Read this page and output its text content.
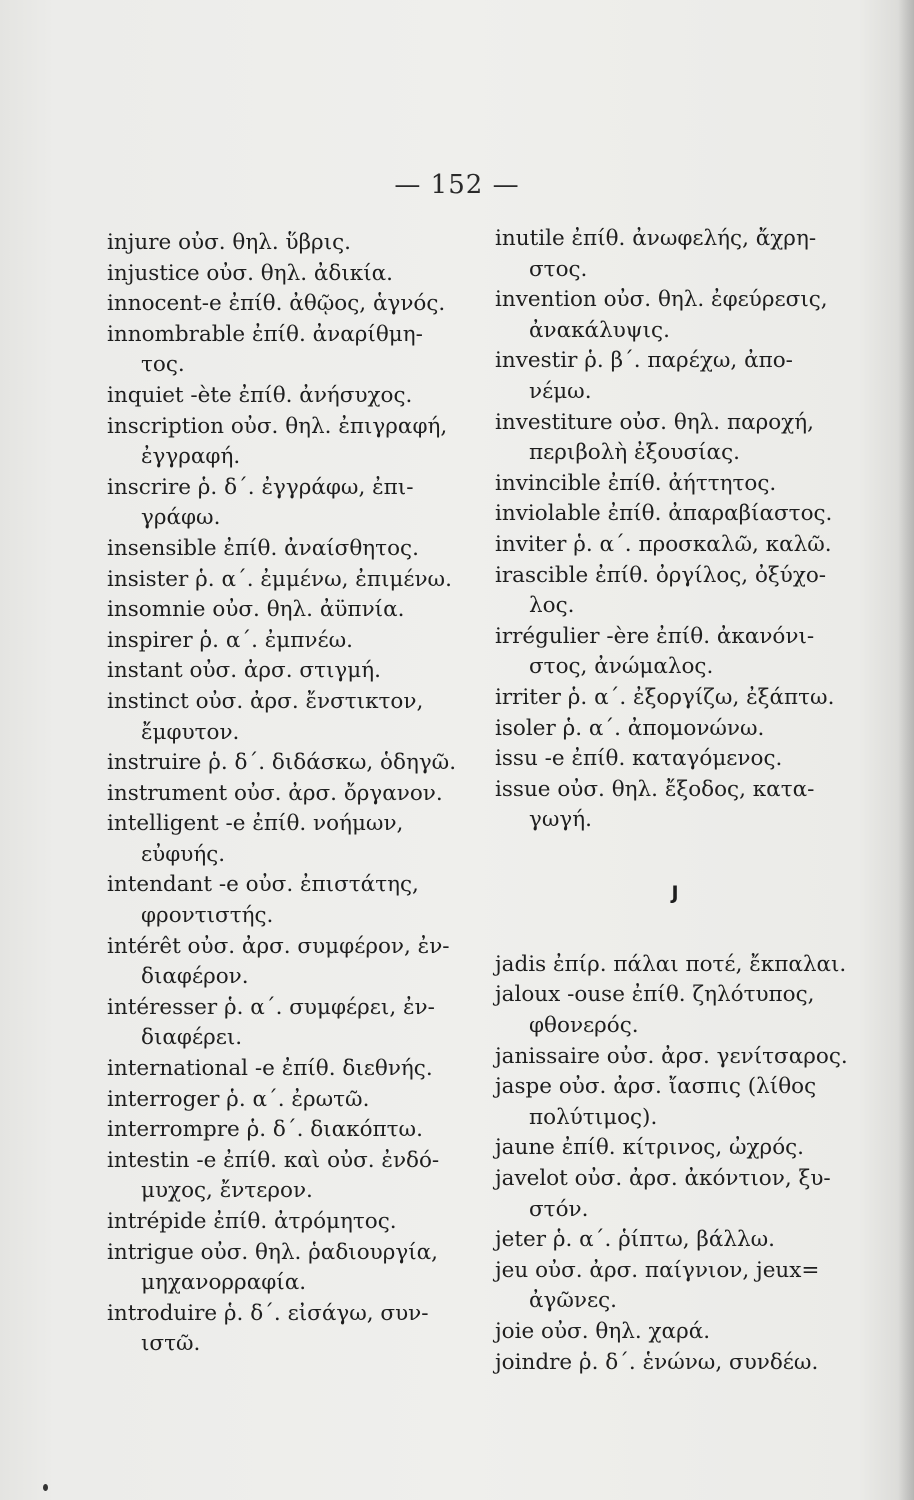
— 152 —
injure οὐσ. θηλ. ὕβρις.
injustice οὐσ. θηλ. ἀδικία.
innocent-e ἐπίθ. ἀθῷος, ἁγνός.
innombrable ἐπίθ. ἀναρίθμη-
τος.
inquiet -ète ἐπίθ. ἀνήσυχος.
inscription οὐσ. θηλ. ἐπιγραφή,
ἐγγραφή.
inscrire ῥ. δ΄. ἐγγράφω, ἐπι-
γράφω.
insensible ἐπίθ. ἀναίσθητος.
insister ῥ. α΄. ἐμμένω, ἐπιμένω.
insomnie οὐσ. θηλ. ἀϋπνία.
inspirer ῥ. α΄. ἐμπνέω.
instant οὐσ. ἀρσ. στιγμή.
instinct οὐσ. ἀρσ. ἔνστικτον,
ἔμφυτον.
instruire ῥ. δ΄. διδάσκω, ὁδηγῶ.
instrument οὐσ. ἀρσ. ὄργανον.
intelligent -e ἐπίθ. νοήμων,
εὐφυής.
intendant -e οὐσ. ἐπιστάτης,
φροντιστής.
intérêt οὐσ. ἀρσ. συμφέρον, ἐν-
διαφέρον.
intéresser ῥ. α΄. συμφέρει, ἐν-
διαφέρει.
international -e ἐπίθ. διεθνής.
interroger ῥ. α΄. ἐρωτῶ.
interrompre ῥ. δ΄. διακόπτω.
intestin -e ἐπίθ. καὶ οὐσ. ἐνδό-
μυχος, ἔντερον.
intrépide ἐπίθ. ἀτρόμητος.
intrigue οὐσ. θηλ. ῥαδιουργία,
μηχανορραφία.
introduire ῥ. δ΄. εἰσάγω, συν-
ιστῶ.
inutile ἐπίθ. ἀνωφελής, ἄχρη-
στος.
invention οὐσ. θηλ. ἐφεύρεσις,
ἀνακάλυψις.
investir ῥ. β΄. παρέχω, ἀπο-
νέμω.
investiture οὐσ. θηλ. παροχή,
περιβολὴ ἐξουσίας.
invincible ἐπίθ. ἀήττητος.
inviolable ἐπίθ. ἀπαραβίαστος.
inviter ῥ. α΄. προσκαλῶ, καλῶ.
irascible ἐπίθ. ὀργίλος, ὀξύχο-
λος.
irrégulier -ère ἐπίθ. ἀκανόνι-
στος, ἀνώμαλος.
irriter ῥ. α΄. ἐξοργίζω, ἐξάπτω.
isoler ῥ. α΄. ἀπομονώνω.
issu -e ἐπίθ. καταγόμενος.
issue οὐσ. θηλ. ἔξοδος, κατα-
γωγή.
J
jadis ἐπίρ. πάλαι ποτέ, ἔκπαλαι.
jaloux -ouse ἐπίθ. ζηλότυπος,
φθονερός.
janissaire οὐσ. ἀρσ. γενίτσαρος.
jaspe οὐσ. ἀρσ. ἴασπις (λίθος
πολύτιμος).
jaune ἐπίθ. κίτρινος, ὠχρός.
javelot οὐσ. ἀρσ. ἀκόντιον, ξυ-
στόν.
jeter ῥ. α΄. ῥίπτω, βάλλω.
jeu οὐσ. ἀρσ. παίγνιον, jeux=
ἀγῶνες.
joie οὐσ. θηλ. χαρά.
joindre ῥ. δ΄. ἑνώνω, συνδέω.
